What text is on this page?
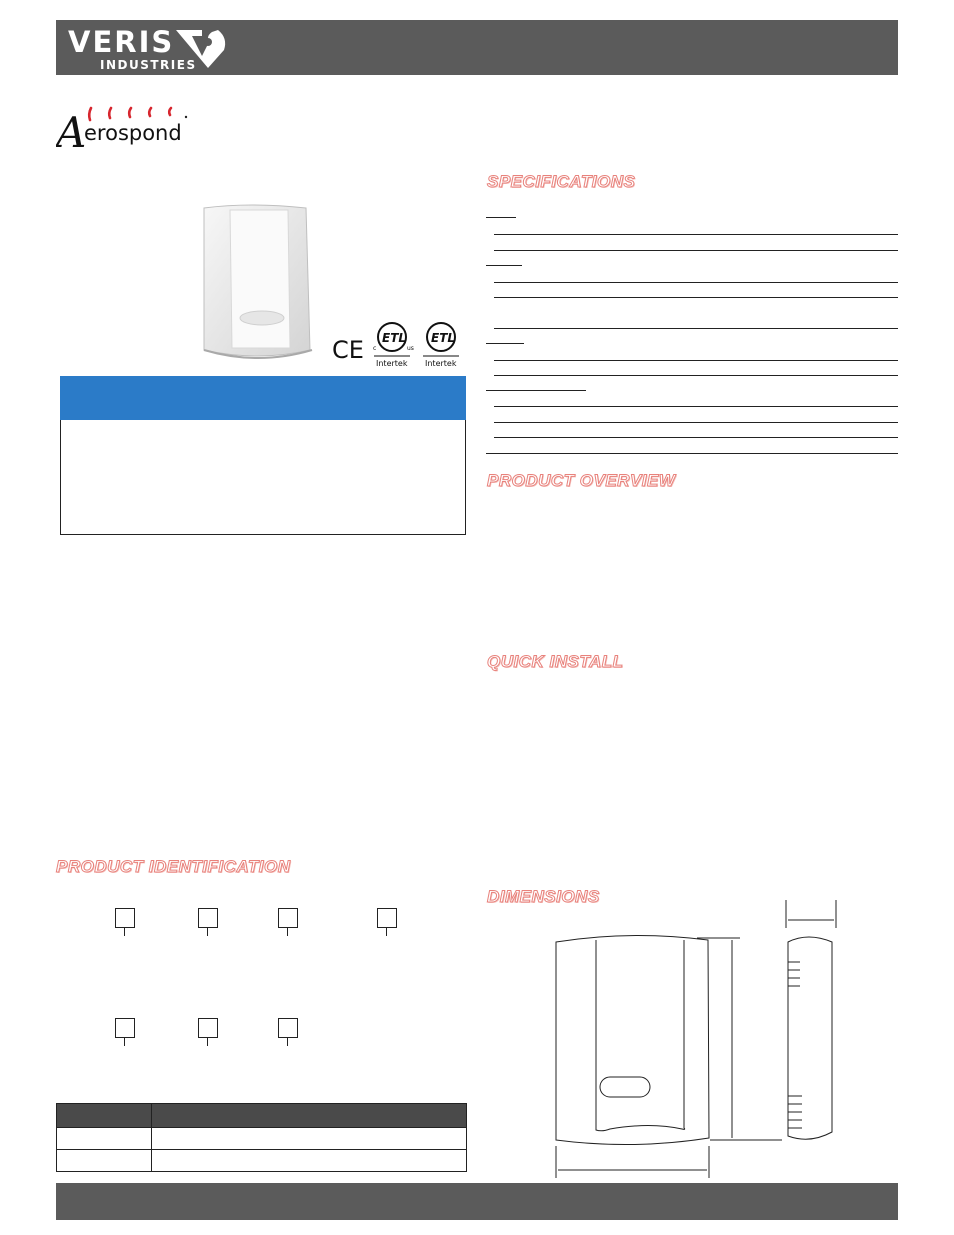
VERIS
INDUSTRIES
A
erospond
CE ETL
c	us
Intertek
ETL
Intertek
SPECIFICATIONS
PRODUCT OVERVIEW
QUICK INSTALL
DIMENSIONS
PRODUCT IDENTIFICATION
